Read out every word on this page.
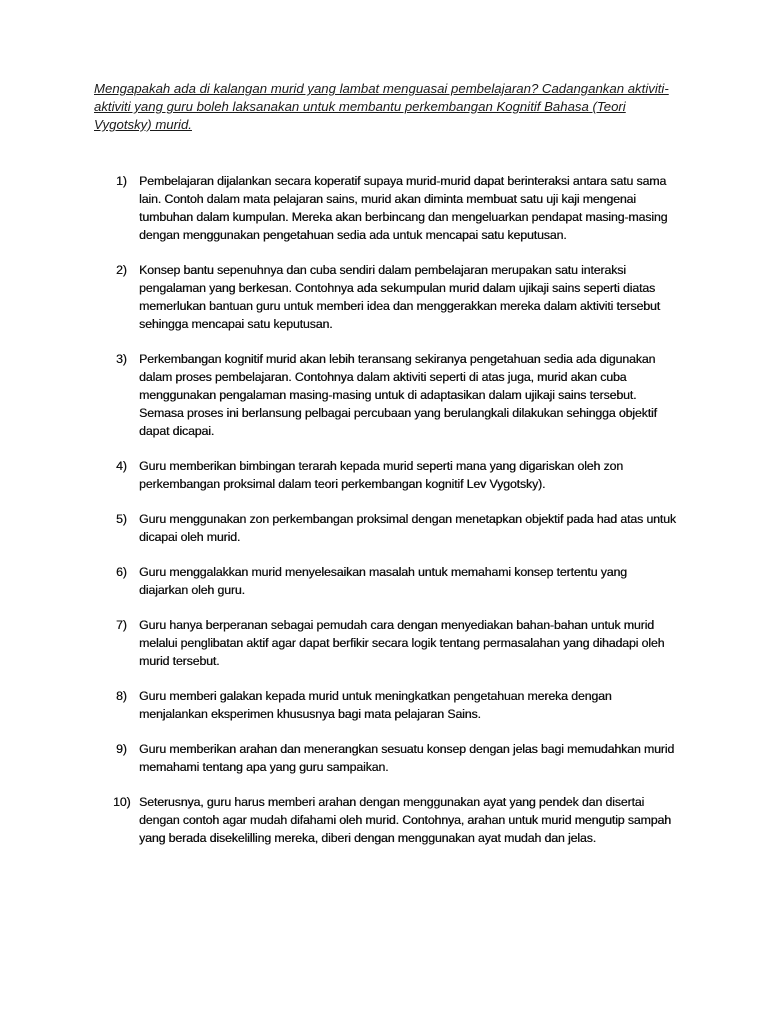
Mengapakah ada di kalangan murid yang lambat menguasai pembelajaran? Cadangankan aktiviti-aktiviti yang guru boleh laksanakan untuk membantu perkembangan Kognitif Bahasa (Teori Vygotsky) murid.
1) Pembelajaran dijalankan secara koperatif supaya murid-murid dapat berinteraksi antara satu sama lain. Contoh dalam mata pelajaran sains, murid akan diminta membuat satu uji kaji mengenai tumbuhan dalam kumpulan. Mereka akan berbincang dan mengeluarkan pendapat masing-masing dengan menggunakan pengetahuan sedia ada untuk mencapai satu keputusan.
2) Konsep bantu sepenuhnya dan cuba sendiri dalam pembelajaran merupakan satu interaksi pengalaman yang berkesan. Contohnya ada sekumpulan murid dalam ujikaji sains seperti diatas memerlukan bantuan guru untuk memberi idea dan menggerakkan mereka dalam aktiviti tersebut sehingga mencapai satu keputusan.
3) Perkembangan kognitif murid akan lebih teransang sekiranya pengetahuan sedia ada digunakan dalam proses pembelajaran. Contohnya dalam aktiviti seperti di atas juga, murid akan cuba menggunakan pengalaman masing-masing untuk di adaptasikan dalam ujikaji sains tersebut. Semasa proses ini berlansung pelbagai percubaan yang berulangkali dilakukan sehingga objektif dapat dicapai.
4) Guru memberikan bimbingan terarah kepada murid seperti mana yang digariskan oleh zon perkembangan proksimal dalam teori perkembangan kognitif Lev Vygotsky).
5) Guru menggunakan zon perkembangan proksimal dengan menetapkan objektif pada had atas untuk dicapai oleh murid.
6) Guru menggalakkan murid menyelesaikan masalah untuk memahami konsep tertentu yang diajarkan oleh guru.
7) Guru hanya berperanan sebagai pemudah cara dengan menyediakan bahan-bahan untuk murid melalui penglibatan aktif agar dapat berfikir secara logik tentang permasalahan yang dihadapi oleh murid tersebut.
8) Guru memberi galakan kepada murid untuk meningkatkan pengetahuan mereka dengan menjalankan eksperimen khususnya bagi mata pelajaran Sains.
9) Guru memberikan arahan dan menerangkan sesuatu konsep dengan jelas bagi memudahkan murid memahami tentang apa yang guru sampaikan.
10) Seterusnya, guru harus memberi arahan dengan menggunakan ayat yang pendek dan disertai dengan contoh agar mudah difahami oleh murid. Contohnya, arahan untuk murid mengutip sampah yang berada disekelilling mereka, diberi dengan menggunakan ayat mudah dan jelas.
